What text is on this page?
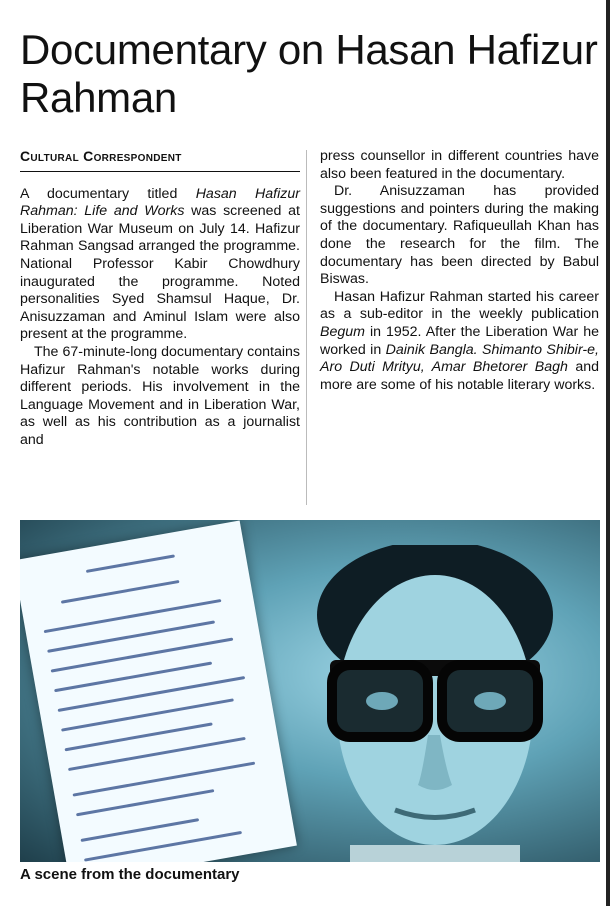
Documentary on Hasan Hafizur Rahman
Cultural Correspondent

A documentary titled Hasan Hafizur Rahman: Life and Works was screened at Liberation War Museum on July 14. Hafizur Rahman Sangsad arranged the programme. National Professor Kabir Chowdhury inaugurated the programme. Noted personalities Syed Shamsul Haque, Dr. Anisuzzaman and Aminul Islam were also present at the programme.

The 67-minute-long documentary contains Hafizur Rahman's notable works during different periods. His involvement in the Language Movement and in Liberation War, as well as his contribution as a journalist and

press counsellor in different countries have also been featured in the documentary.

Dr. Anisuzzaman has provided suggestions and pointers during the making of the documentary. Rafiqueullah Khan has done the research for the film. The documentary has been directed by Babul Biswas.

Hasan Hafizur Rahman started his career as a sub-editor in the weekly publication Begum in 1952. After the Liberation War he worked in Dainik Bangla. Shimanto Shibir-e, Aro Duti Mrityu, Amar Bhetorer Bagh and more are some of his notable literary works.

A scene from the documentary
